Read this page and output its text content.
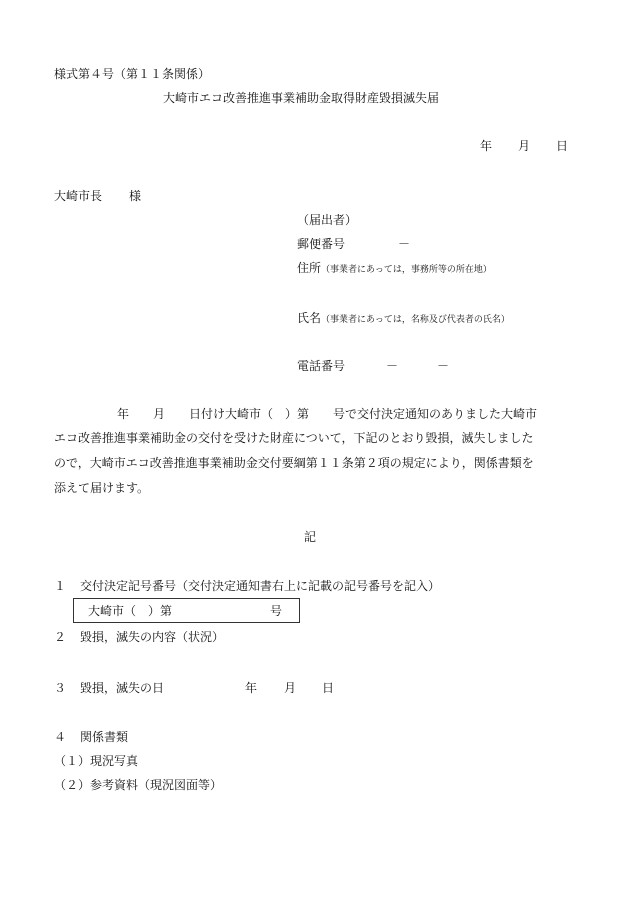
様式第４号（第１１条関係）
大崎市エコ改善推進事業補助金取得財産毀損滅失届
年 月 日
大崎市長 様
（届出者）
郵便番号	－
住所（事業者にあっては，事務所等の所在地）
氏名（事業者にあっては，名称及び代表者の氏名）
電話番号	－	－
年　　月　　日付け大崎市（　）第　　号で交付決定通知のありました大崎市
エコ改善推進事業補助金の交付を受けた財産について，下記のとおり毀損，滅失しました
ので，大崎市エコ改善推進事業補助金交付要綱第１１条第２項の規定により，関係書類を
添えて届けます。
記
１ 交付決定記号番号（交付決定通知書右上に記載の記号番号を記入）
大崎市（　）第	号
２ 毀損，滅失の内容（状況）
３ 毀損，滅失の日	年 月 日
４ 関係書類
（１）現況写真
（２）参考資料（現況図面等）
